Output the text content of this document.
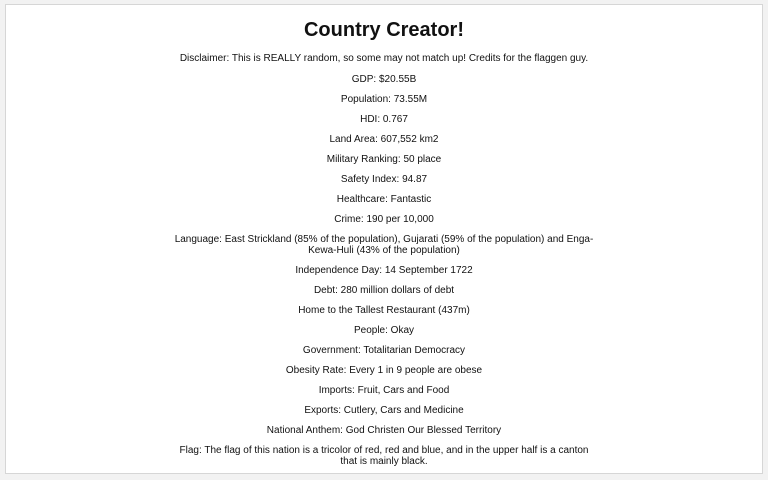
Country Creator!
Disclaimer: This is REALLY random, so some may not match up! Credits for the flaggen guy.
GDP: $20.55B
Population: 73.55M
HDI: 0.767
Land Area: 607,552 km2
Military Ranking: 50 place
Safety Index: 94.87
Healthcare: Fantastic
Crime: 190 per 10,000
Language: East Strickland (85% of the population), Gujarati (59% of the population) and Enga-Kewa-Huli (43% of the population)
Independence Day: 14 September 1722
Debt: 280 million dollars of debt
Home to the Tallest Restaurant (437m)
People: Okay
Government: Totalitarian Democracy
Obesity Rate: Every 1 in 9 people are obese
Imports: Fruit, Cars and Food
Exports: Cutlery, Cars and Medicine
National Anthem: God Christen Our Blessed Territory
Flag: The flag of this nation is a tricolor of red, red and blue, and in the upper half is a canton that is mainly black.
